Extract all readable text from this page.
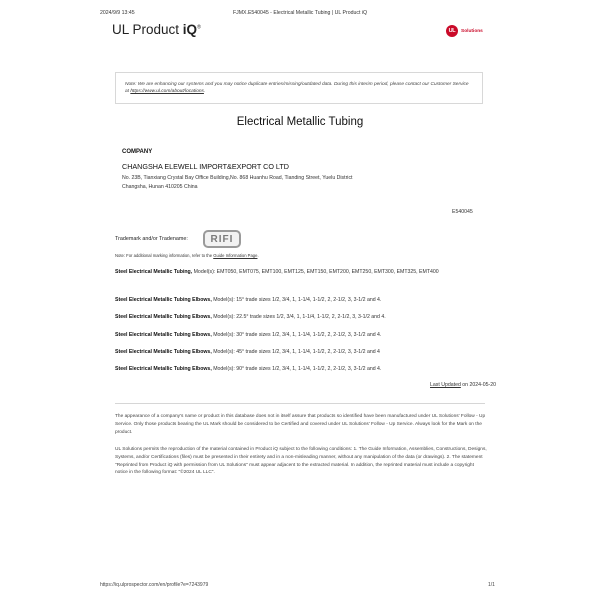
2024/9/9 13:45	FJMX.E540045 - Electrical Metallic Tubing | UL Product iQ
UL Product iQ®
UL	Solutions
Note: We are enhancing our systems and you may notice duplicate entries/missing/outdated data. During this interim period, please contact our Customer Service at https://www.ul.com/about/locations.
Electrical Metallic Tubing
COMPANY
CHANGSHA ELEWELL IMPORT&EXPORT CO LTD
No. 23B, Tianxiang Crystal Bay Office Building,No. 868 Huanhu Road, Tianding Street, Yuelu District
Changsha, Hunan 410205 China
E540045
Trademark and/or Tradename:	RIFI
Note: For additional marking information, refer to the Guide Information Page.
Steel Electrical Metallic Tubing, Model(s): EMT050, EMT075, EMT100, EMT125, EMT150, EMT200, EMT250, EMT300, EMT325, EMT400
Steel Electrical Metallic Tubing Elbows, Model(s): 15° trade sizes 1/2, 3/4, 1, 1-1/4, 1-1/2, 2, 2-1/2, 3, 3-1/2 and 4.
Steel Electrical Metallic Tubing Elbows, Model(s): 22.5° trade sizes 1/2, 3/4, 1, 1-1/4, 1-1/2, 2, 2-1/2, 3, 3-1/2 and 4.
Steel Electrical Metallic Tubing Elbows, Model(s): 30° trade sizes 1/2, 3/4, 1, 1-1/4, 1-1/2, 2, 2-1/2, 3, 3-1/2 and 4.
Steel Electrical Metallic Tubing Elbows, Model(s): 45° trade sizes 1/2, 3/4, 1, 1-1/4, 1-1/2, 2, 2-1/2, 3, 3-1/2 and 4
Steel Electrical Metallic Tubing Elbows, Model(s): 90° trade sizes 1/2, 3/4, 1, 1-1/4, 1-1/2, 2, 2-1/2, 3, 3-1/2 and 4.
Last Updated on 2024-05-20
The appearance of a company's name or product in this database does not in itself assure that products so identified have been manufactured under UL Solutions' Follow - Up Service. Only those products bearing the UL Mark should be considered to be Certified and covered under UL Solutions' Follow - Up Service. Always look for the Mark on the product.
UL Solutions permits the reproduction of the material contained in Product iQ subject to the following conditions: 1. The Guide Information, Assemblies, Constructions, Designs, Systems, and/or Certifications (files) must be presented in their entirety and in a non-misleading manner, without any manipulation of the data (or drawings). 2. The statement "Reprinted from Product iQ with permission from UL Solutions" must appear adjacent to the extracted material. In addition, the reprinted material must include a copyright notice in the following format: "©2024 UL LLC".
https://iq.ulprospector.com/en/profile?e=7243979	1/1
